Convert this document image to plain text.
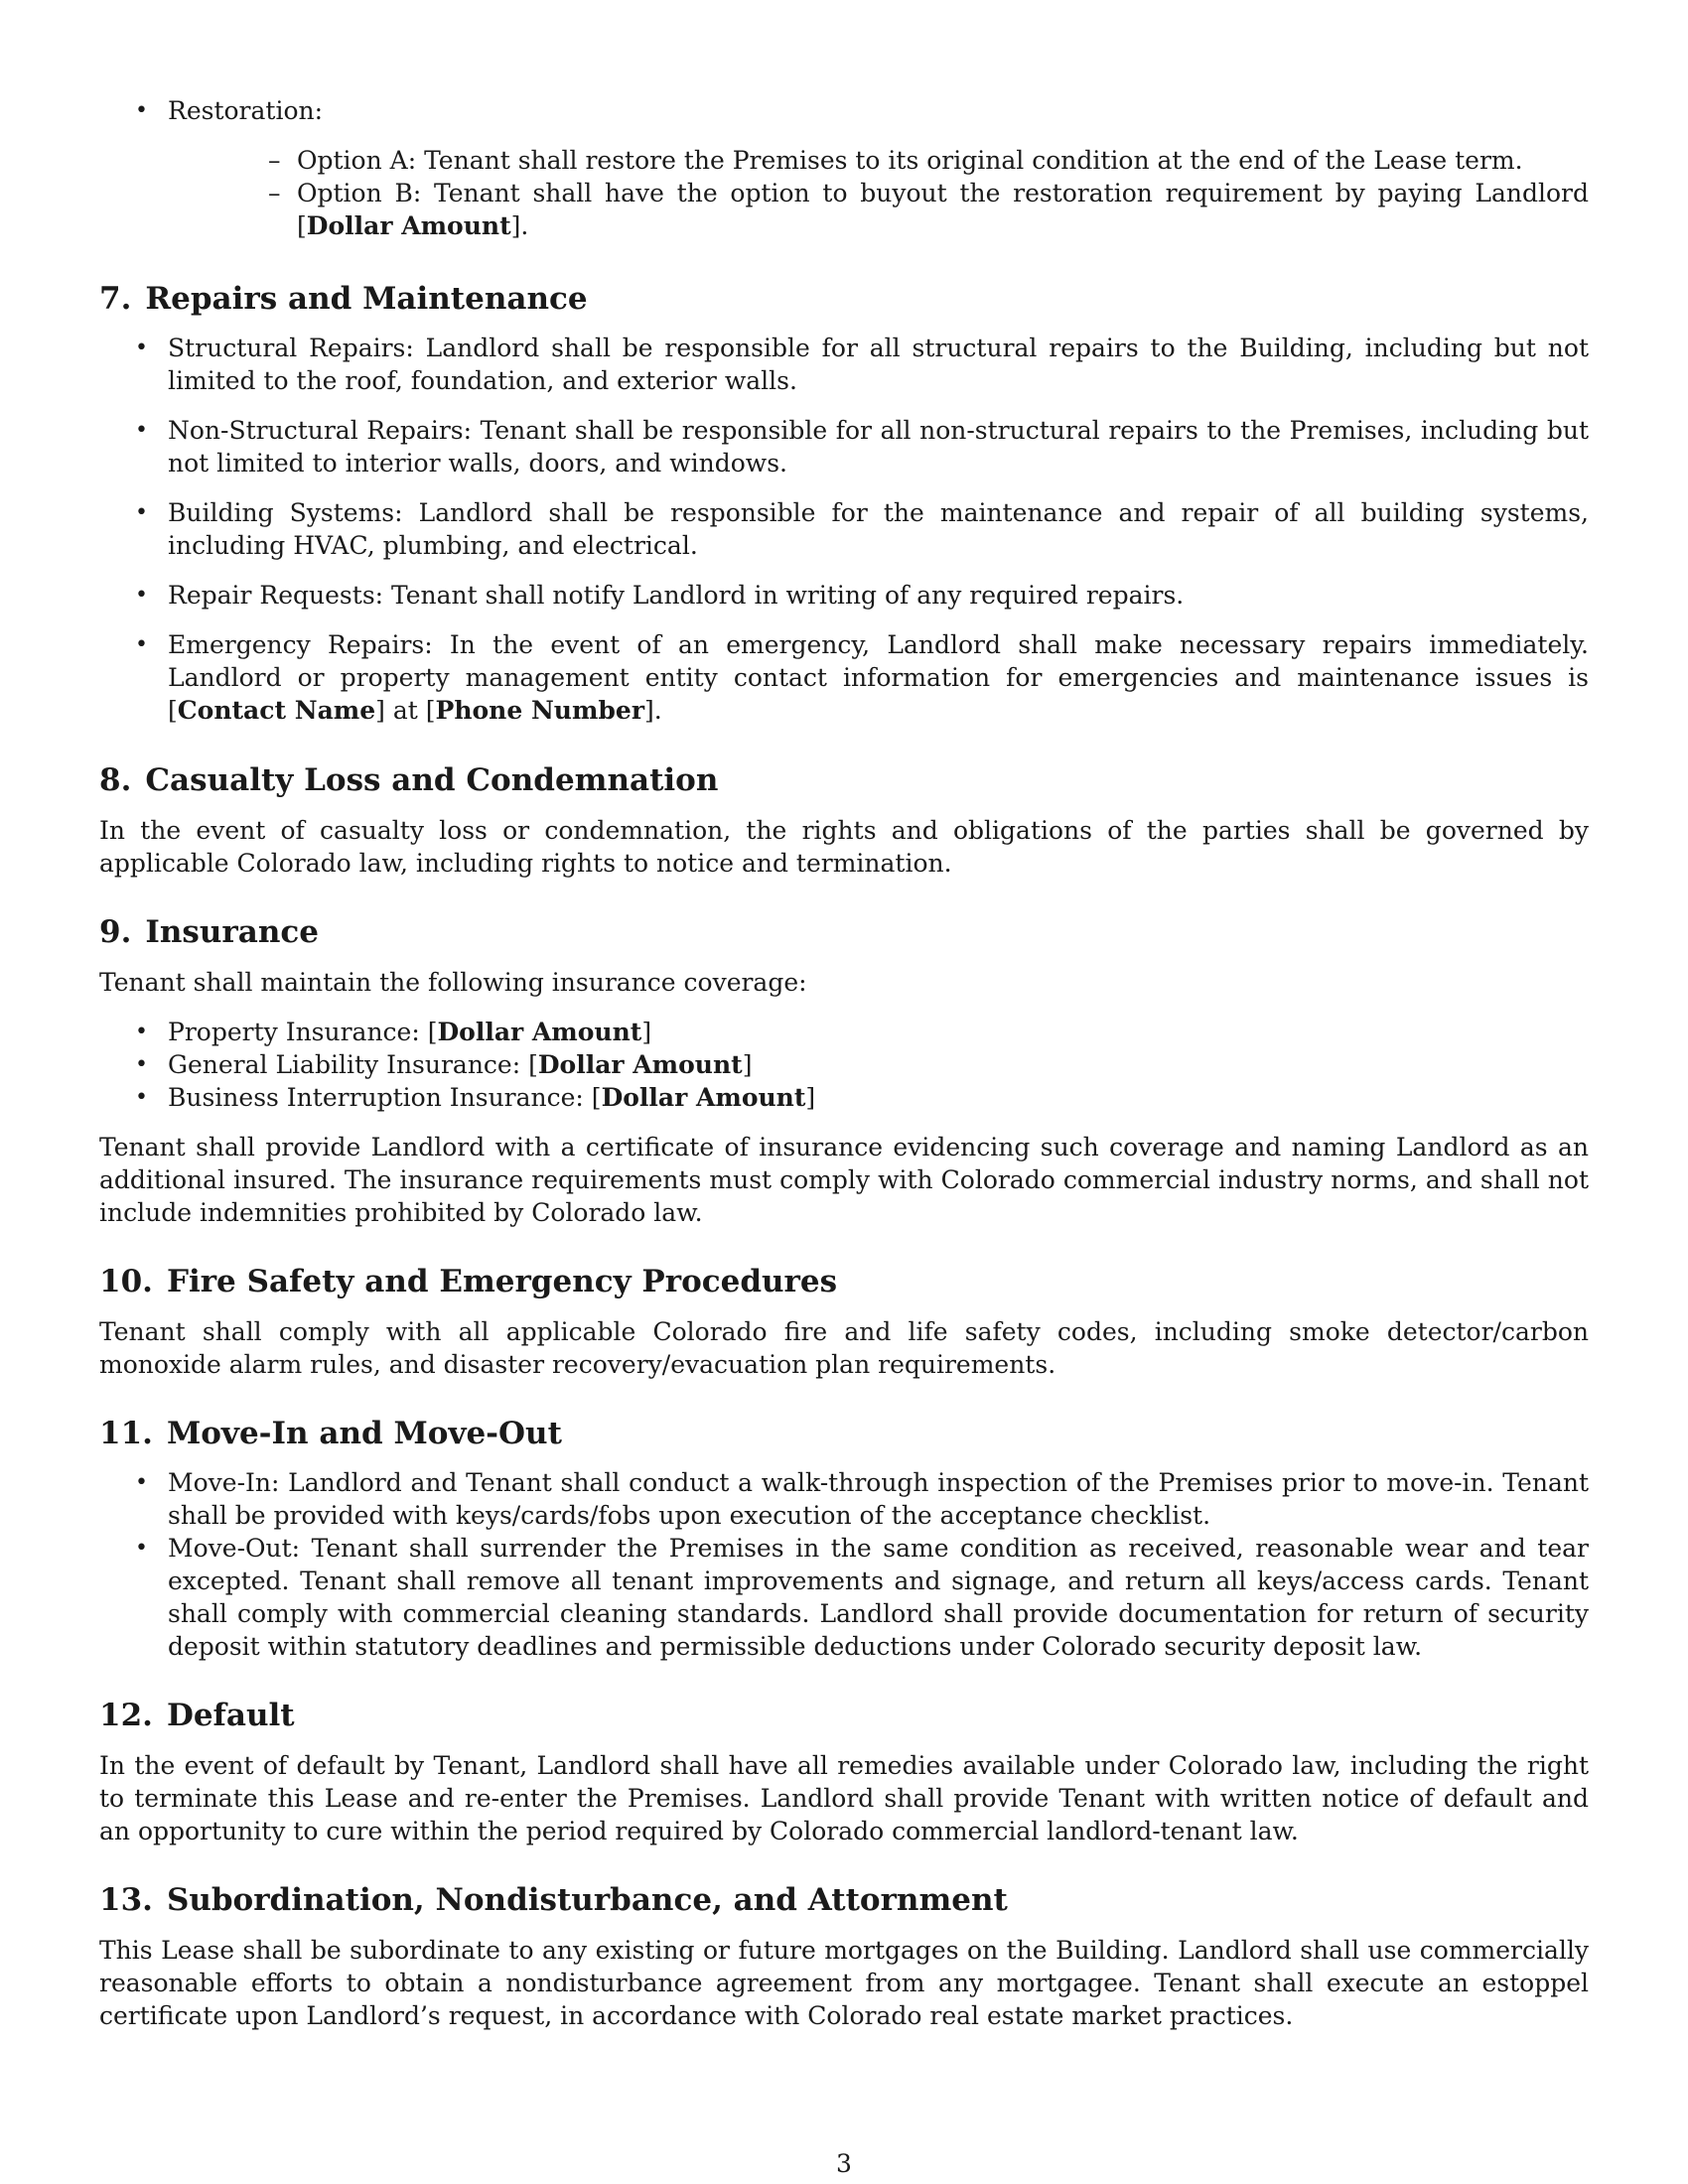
• Restoration:
– Option A: Tenant shall restore the Premises to its original condition at the end of the Lease term.
– Option B: Tenant shall have the option to buyout the restoration requirement by paying Landlord [Dollar Amount].
7. Repairs and Maintenance
• Structural Repairs: Landlord shall be responsible for all structural repairs to the Building, including but not limited to the roof, foundation, and exterior walls.
• Non-Structural Repairs: Tenant shall be responsible for all non-structural repairs to the Premises, including but not limited to interior walls, doors, and windows.
• Building Systems: Landlord shall be responsible for the maintenance and repair of all building systems, including HVAC, plumbing, and electrical.
• Repair Requests: Tenant shall notify Landlord in writing of any required repairs.
• Emergency Repairs: In the event of an emergency, Landlord shall make necessary repairs immediately. Landlord or property management entity contact information for emergencies and maintenance issues is [Contact Name] at [Phone Number].
8. Casualty Loss and Condemnation

In the event of casualty loss or condemnation, the rights and obligations of the parties shall be governed by applicable Colorado law, including rights to notice and termination.

9. Insurance

Tenant shall maintain the following insurance coverage:

• Property Insurance: [Dollar Amount]
• General Liability Insurance: [Dollar Amount]
• Business Interruption Insurance: [Dollar Amount]

Tenant shall provide Landlord with a certificate of insurance evidencing such coverage and naming Landlord as an additional insured. The insurance requirements must comply with Colorado commercial industry norms, and shall not include indemnities prohibited by Colorado law.

10. Fire Safety and Emergency Procedures

Tenant shall comply with all applicable Colorado fire and life safety codes, including smoke detector/carbon monoxide alarm rules, and disaster recovery/evacuation plan requirements.

11. Move-In and Move-Out
• Move-In: Landlord and Tenant shall conduct a walk-through inspection of the Premises prior to move-in. Tenant shall be provided with keys/cards/fobs upon execution of the acceptance checklist.
• Move-Out: Tenant shall surrender the Premises in the same condition as received, reasonable wear and tear excepted. Tenant shall remove all tenant improvements and signage, and return all keys/access cards. Tenant shall comply with commercial cleaning standards. Landlord shall provide documentation for return of security deposit within statutory deadlines and permissible deductions under Colorado security deposit law.
12. Default

In the event of default by Tenant, Landlord shall have all remedies available under Colorado law, including the right to terminate this Lease and re-enter the Premises. Landlord shall provide Tenant with written notice of default and an opportunity to cure within the period required by Colorado commercial landlord-tenant law.

13. Subordination, Nondisturbance, and Attornment

This Lease shall be subordinate to any existing or future mortgages on the Building. Landlord shall use commercially reasonable efforts to obtain a nondisturbance agreement from any mortgagee. Tenant shall execute an estoppel certificate upon Landlord’s request, in accordance with Colorado real estate market practices.

3
